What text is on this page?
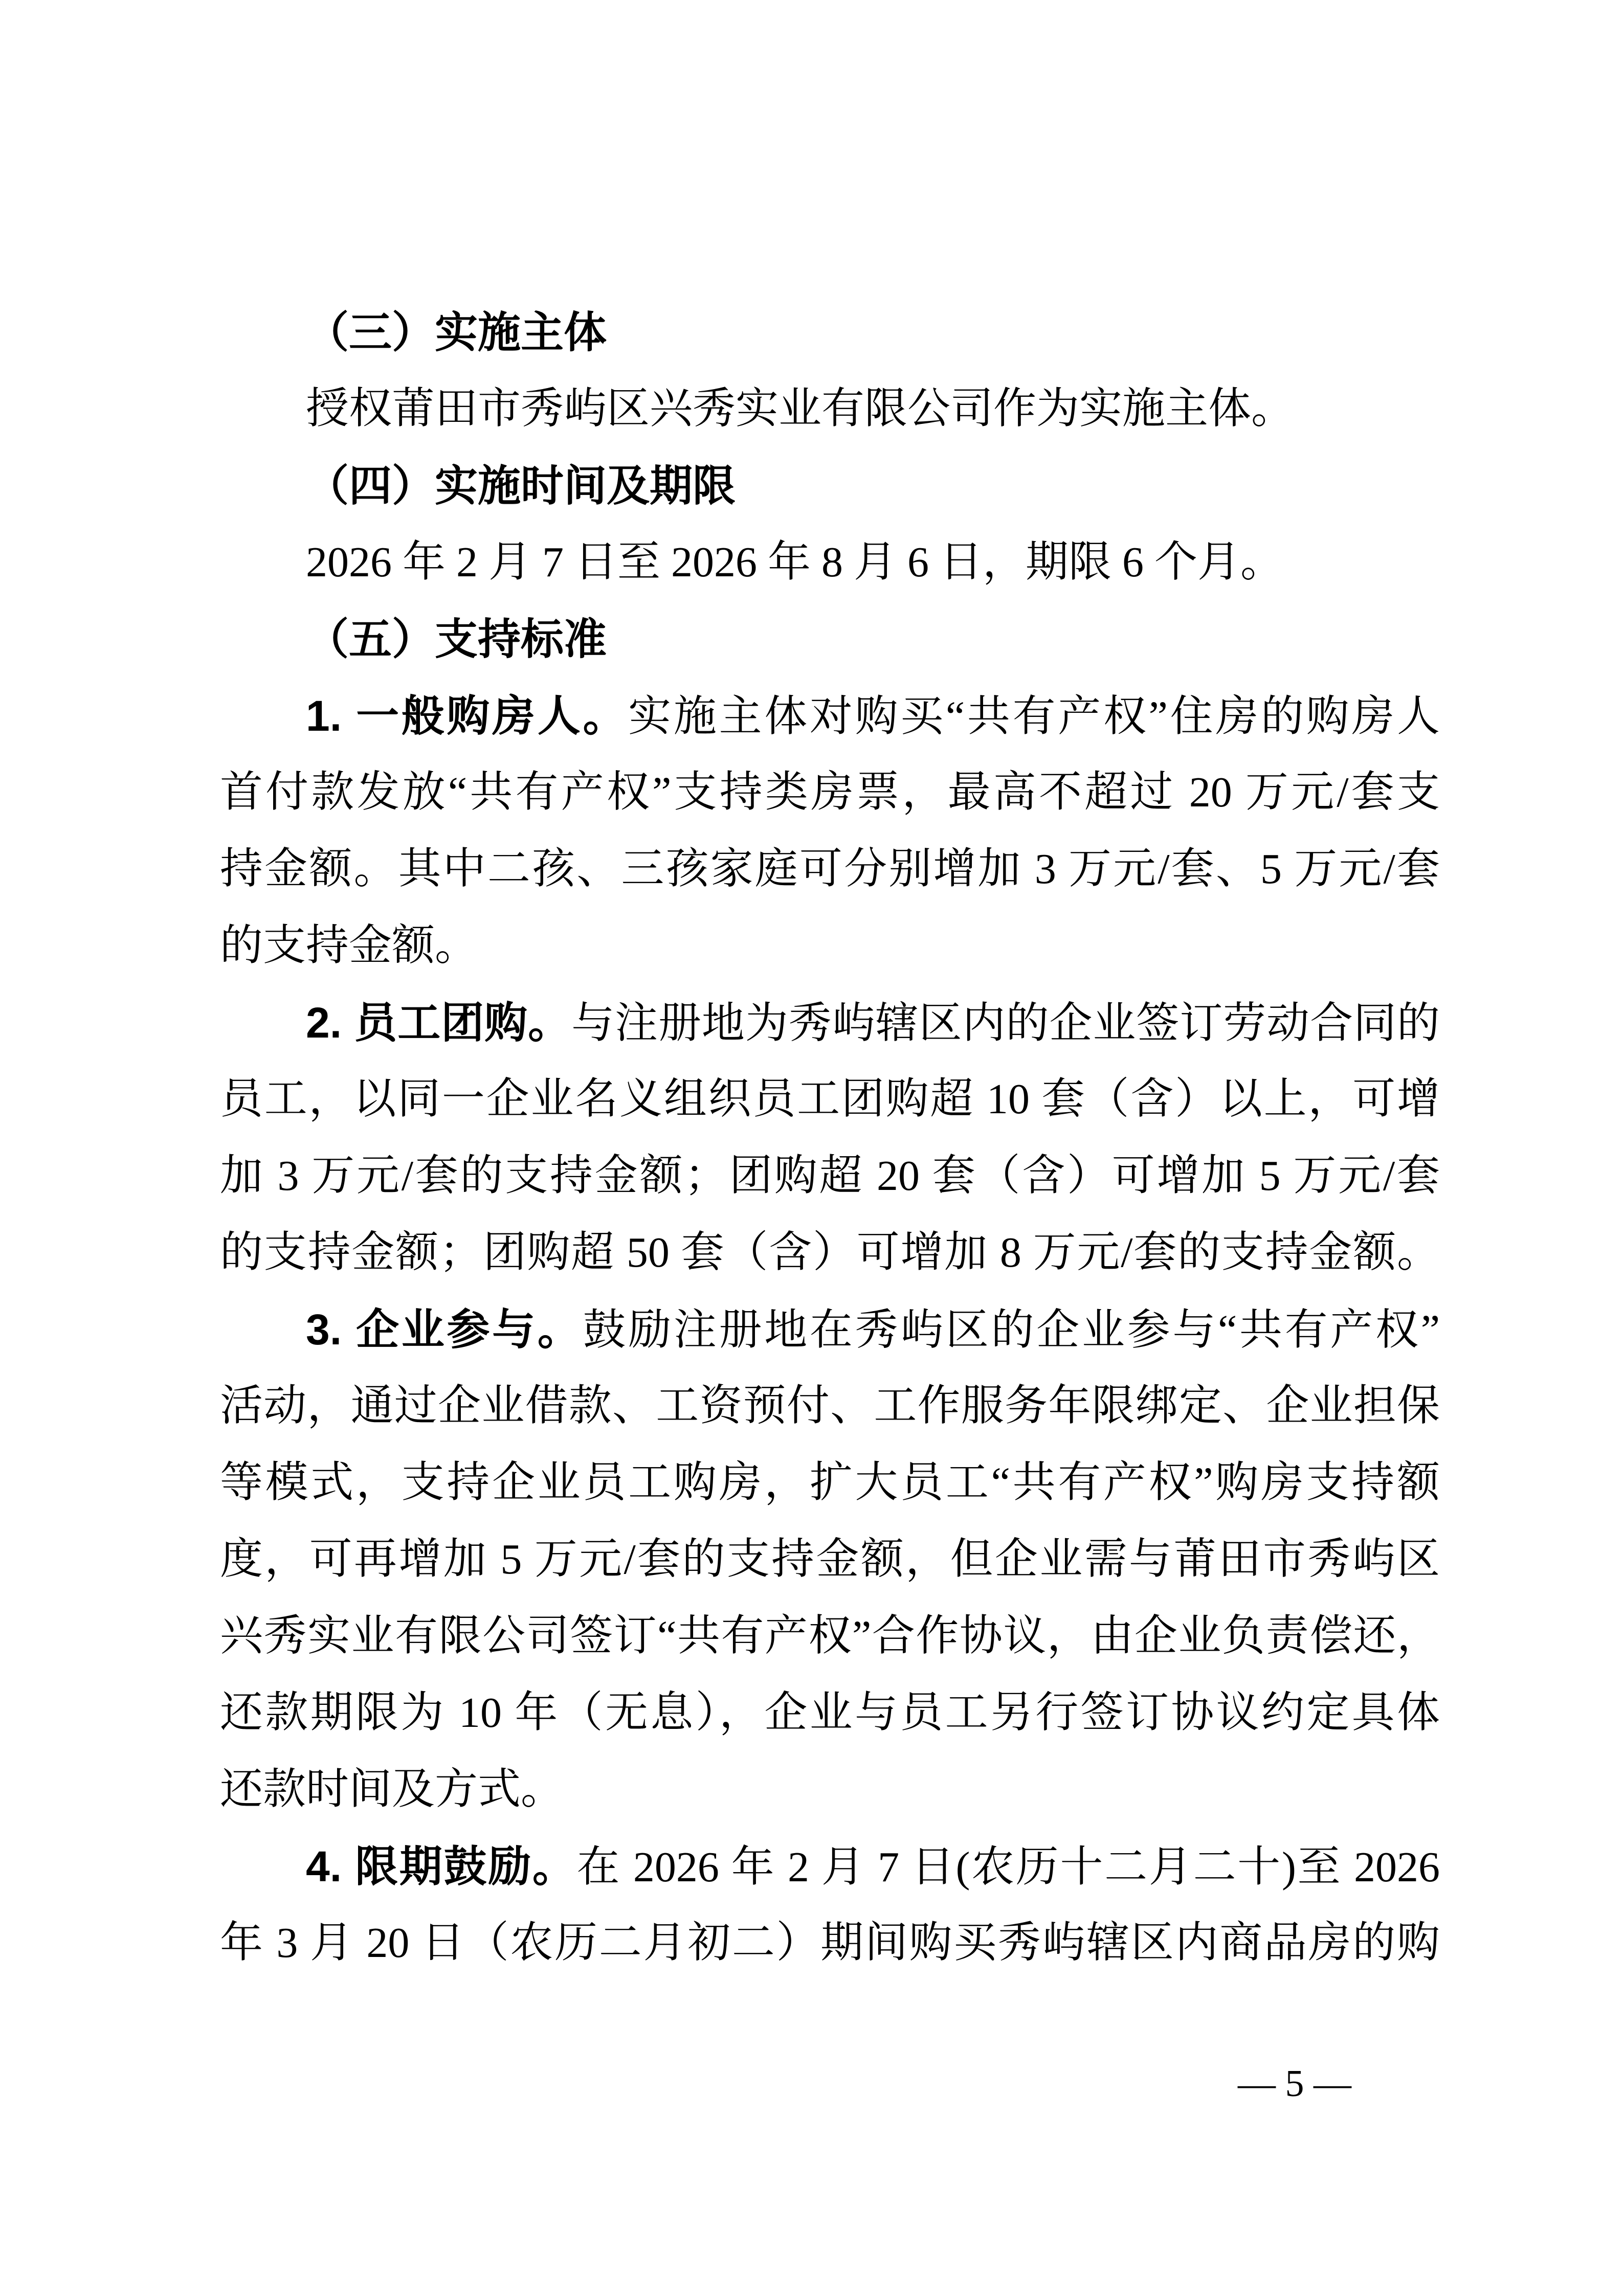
（三）实施主体
授权莆田市秀屿区兴秀实业有限公司作为实施主体。
（四）实施时间及期限
2026 年 2 月 7 日至 2026 年 8 月 6 日，期限 6 个月。
（五）支持标准
1. 一般购房人。实施主体对购买“共有产权”住房的购房人
首付款发放“共有产权”支持类房票，最高不超过 20 万元/套支
持金额。其中二孩、三孩家庭可分别增加 3 万元/套、5 万元/套
的支持金额。
2. 员工团购。与注册地为秀屿辖区内的企业签订劳动合同的
员工，以同一企业名义组织员工团购超 10 套（含）以上，可增
加 3 万元/套的支持金额；团购超 20 套（含）可增加 5 万元/套
的支持金额；团购超 50 套（含）可增加 8 万元/套的支持金额。
3. 企业参与。鼓励注册地在秀屿区的企业参与“共有产权”
活动，通过企业借款、工资预付、工作服务年限绑定、企业担保
等模式，支持企业员工购房，扩大员工“共有产权”购房支持额
度，可再增加 5 万元/套的支持金额，但企业需与莆田市秀屿区
兴秀实业有限公司签订“共有产权”合作协议，由企业负责偿还，
还款期限为 10 年（无息），企业与员工另行签订协议约定具体
还款时间及方式。
4. 限期鼓励。在 2026 年 2 月 7 日(农历十二月二十)至 2026
年 3 月 20 日（农历二月初二）期间购买秀屿辖区内商品房的购
— 5 —
